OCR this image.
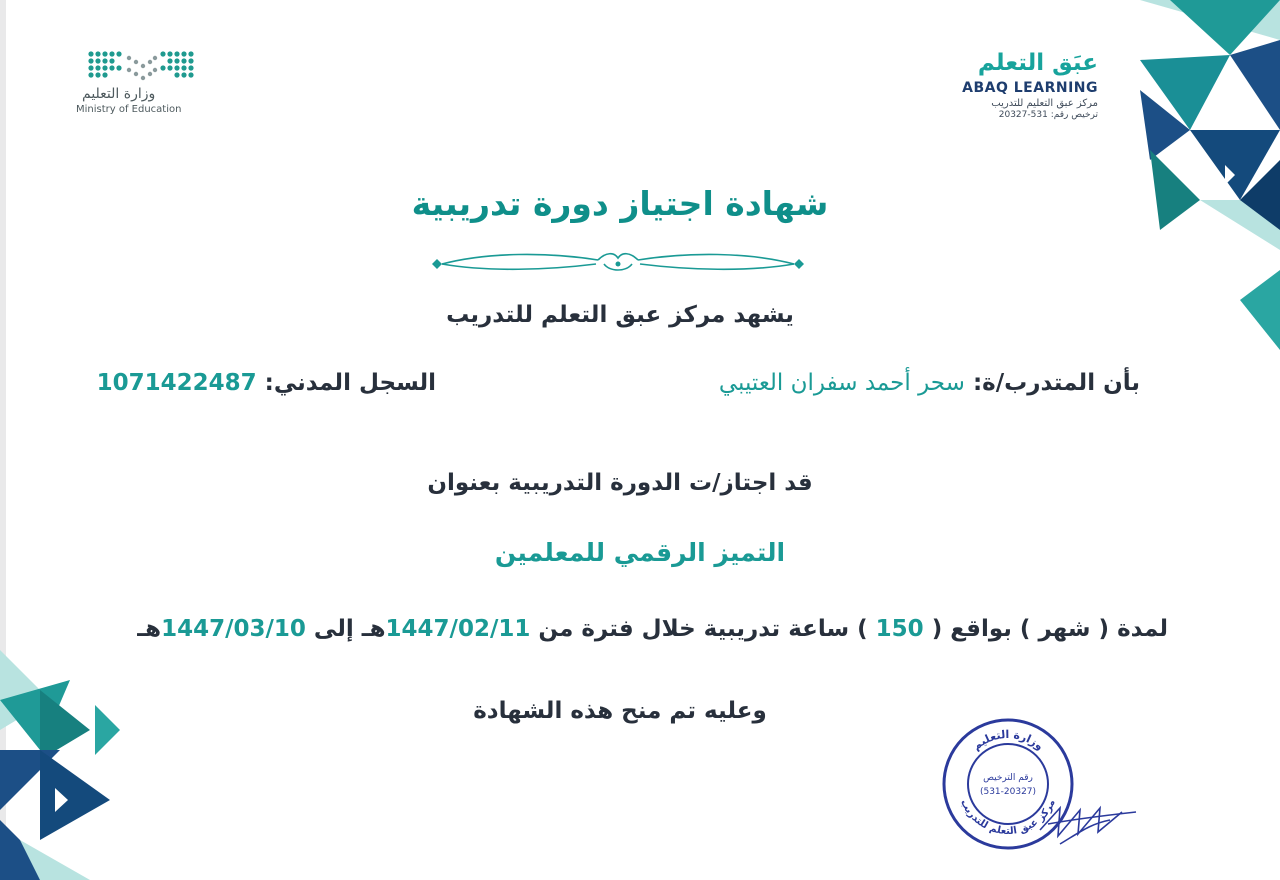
وزارة التعليم
Ministry of Education
عبَق التعلم
ABAQ LEARNING
مركز عبق التعليم للتدريب
ترخيص رقم: 531-20327
شهادة اجتياز دورة تدريبية
يشهد مركز عبق التعلم للتدريب
بأن المتدرب/ة: سحر أحمد سفران العتيبي
السجل المدني: 1071422487
قد اجتاز/ت الدورة التدريبية بعنوان
التميز الرقمي للمعلمين
لمدة ( شهر ) بواقع ( 150 ) ساعة تدريبية خلال فترة من 1447/02/11هـ إلى 1447/03/10هـ
وعليه تم منح هذه الشهادة
وزارة التعليم
مركز عبق التعلم للتدريب
رقم الترخيص
(531-20327)
